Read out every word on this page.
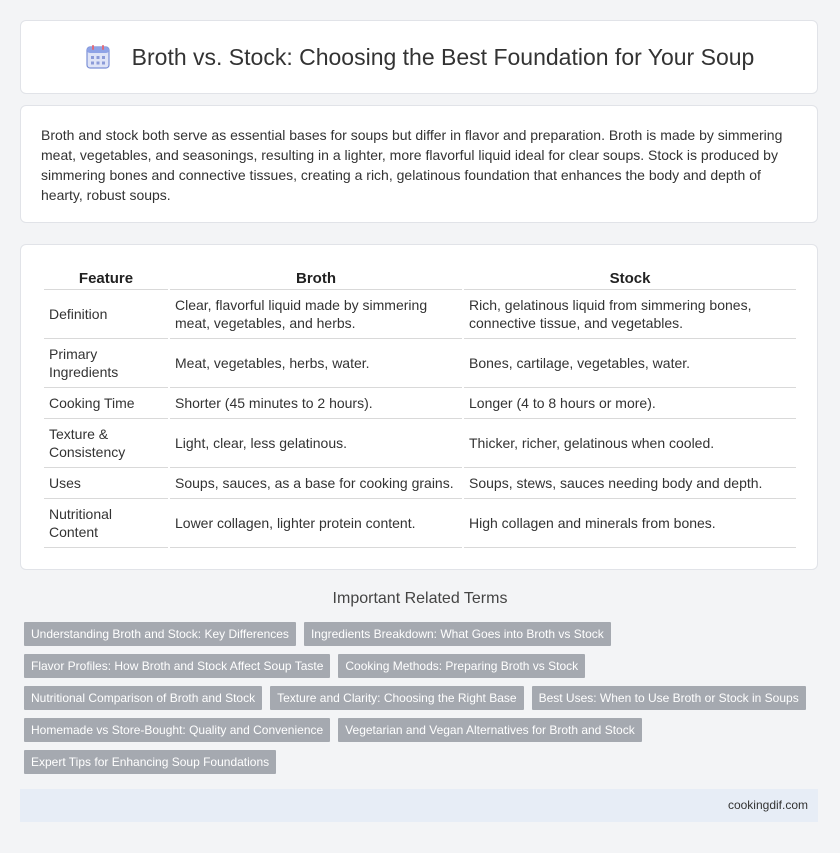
Broth vs. Stock: Choosing the Best Foundation for Your Soup

Broth and stock both serve as essential bases for soups but differ in flavor and preparation. Broth is made by simmering meat, vegetables, and seasonings, resulting in a lighter, more flavorful liquid ideal for clear soups. Stock is produced by simmering bones and connective tissues, creating a rich, gelatinous foundation that enhances the body and depth of hearty, robust soups.

Feature	Broth	Stock
Definition	Clear, flavorful liquid made by simmering meat, vegetables, and herbs.	Rich, gelatinous liquid from simmering bones, connective tissue, and vegetables.
Primary Ingredients	Meat, vegetables, herbs, water.	Bones, cartilage, vegetables, water.
Cooking Time	Shorter (45 minutes to 2 hours).	Longer (4 to 8 hours or more).
Texture & Consistency	Light, clear, less gelatinous.	Thicker, richer, gelatinous when cooled.
Uses	Soups, sauces, as a base for cooking grains.	Soups, stews, sauces needing body and depth.
Nutritional Content	Lower collagen, lighter protein content.	High collagen and minerals from bones.
Important Related Terms
Understanding Broth and Stock: Key Differences	Ingredients Breakdown: What Goes into Broth vs Stock
Flavor Profiles: How Broth and Stock Affect Soup Taste	Cooking Methods: Preparing Broth vs Stock
Nutritional Comparison of Broth and Stock	Texture and Clarity: Choosing the Right Base	Best Uses: When to Use Broth or Stock in Soups
Homemade vs Store-Bought: Quality and Convenience	Vegetarian and Vegan Alternatives for Broth and Stock
Expert Tips for Enhancing Soup Foundations
cookingdif.com
